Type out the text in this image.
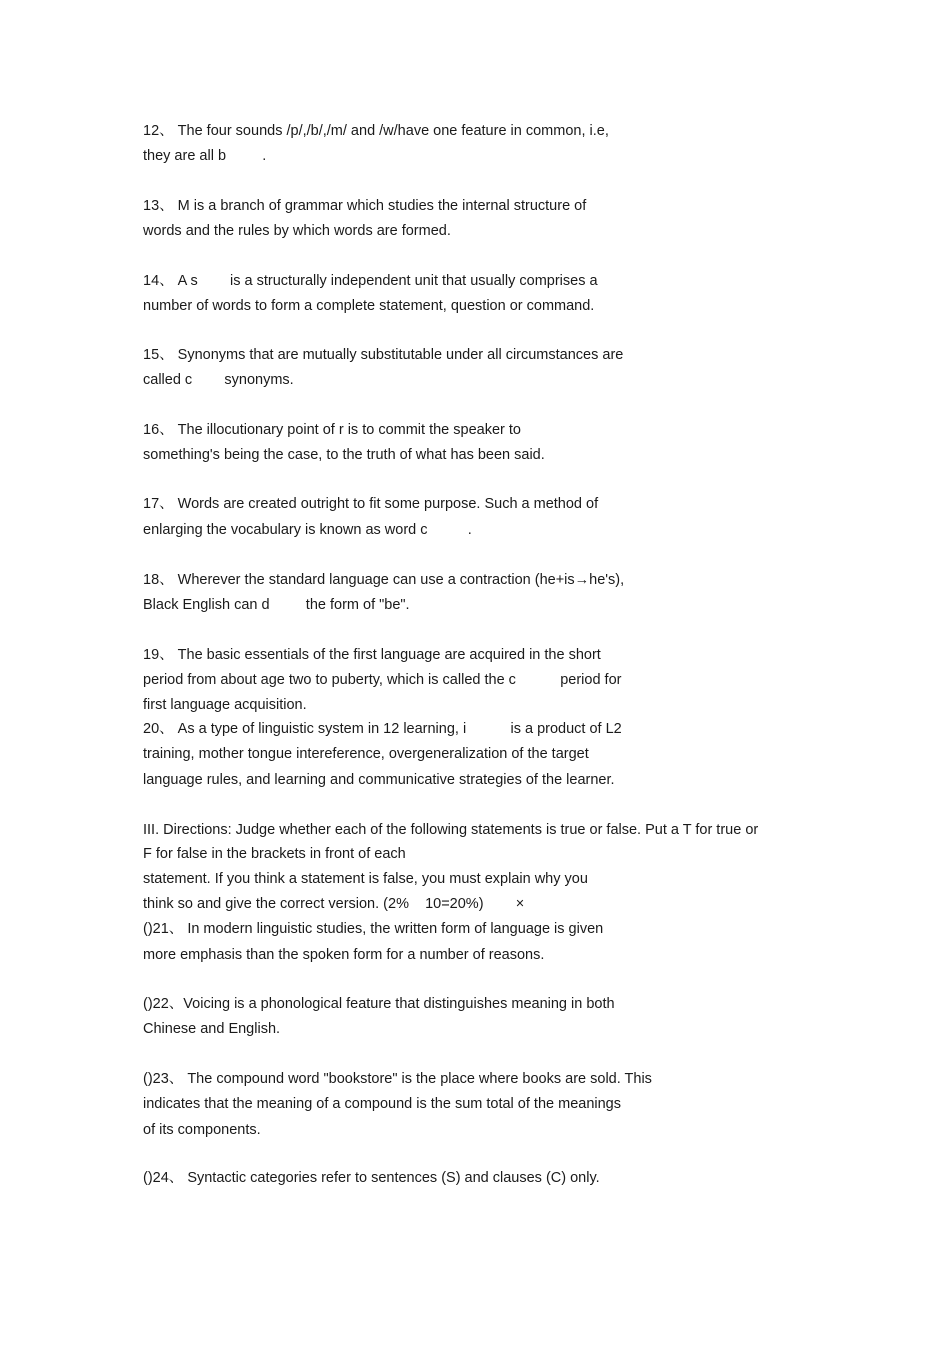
12、 The four sounds /p/,/b/,/m/ and /w/have one feature in common, i.e,
they are all b         .
13、 M is a branch of grammar which studies the internal structure of
words and the rules by which words are formed.
14、 A s        is a structurally independent unit that usually comprises a
number of words to form a complete statement, question or command.
15、 Synonyms that are mutually substitutable under all circumstances are
called c        synonyms.
16、 The illocutionary point of r is to commit the speaker to
something's being the case, to the truth of what has been said.
17、 Words are created outright to fit some purpose. Such a method of
enlarging the vocabulary is known as word c          .
18、 Wherever the standard language can use a contraction (he+is→he's),
Black English can d         the form of "be".
19、 The basic essentials of the first language are acquired in the short
period from about age two to puberty, which is called the c           period for
first language acquisition.
20、 As a type of linguistic system in 12 learning, i           is a product of L2
training, mother tongue intereference, overgeneralization of the target
language rules, and learning and communicative strategies of the learner.
III. Directions: Judge whether each of the following statements is true or false. Put a T for true or
F for false in the brackets in front of each
statement. If you think a statement is false, you must explain why you
think so and give the correct version. (2%    10=20%)        ×
()21、 In modern linguistic studies, the written form of language is given
more emphasis than the spoken form for a number of reasons.
()22、Voicing is a phonological feature that distinguishes meaning in both
Chinese and English.
()23、 The compound word "bookstore" is the place where books are sold. This
indicates that the meaning of a compound is the sum total of the meanings
of its components.
()24、 Syntactic categories refer to sentences (S) and clauses (C) only.
